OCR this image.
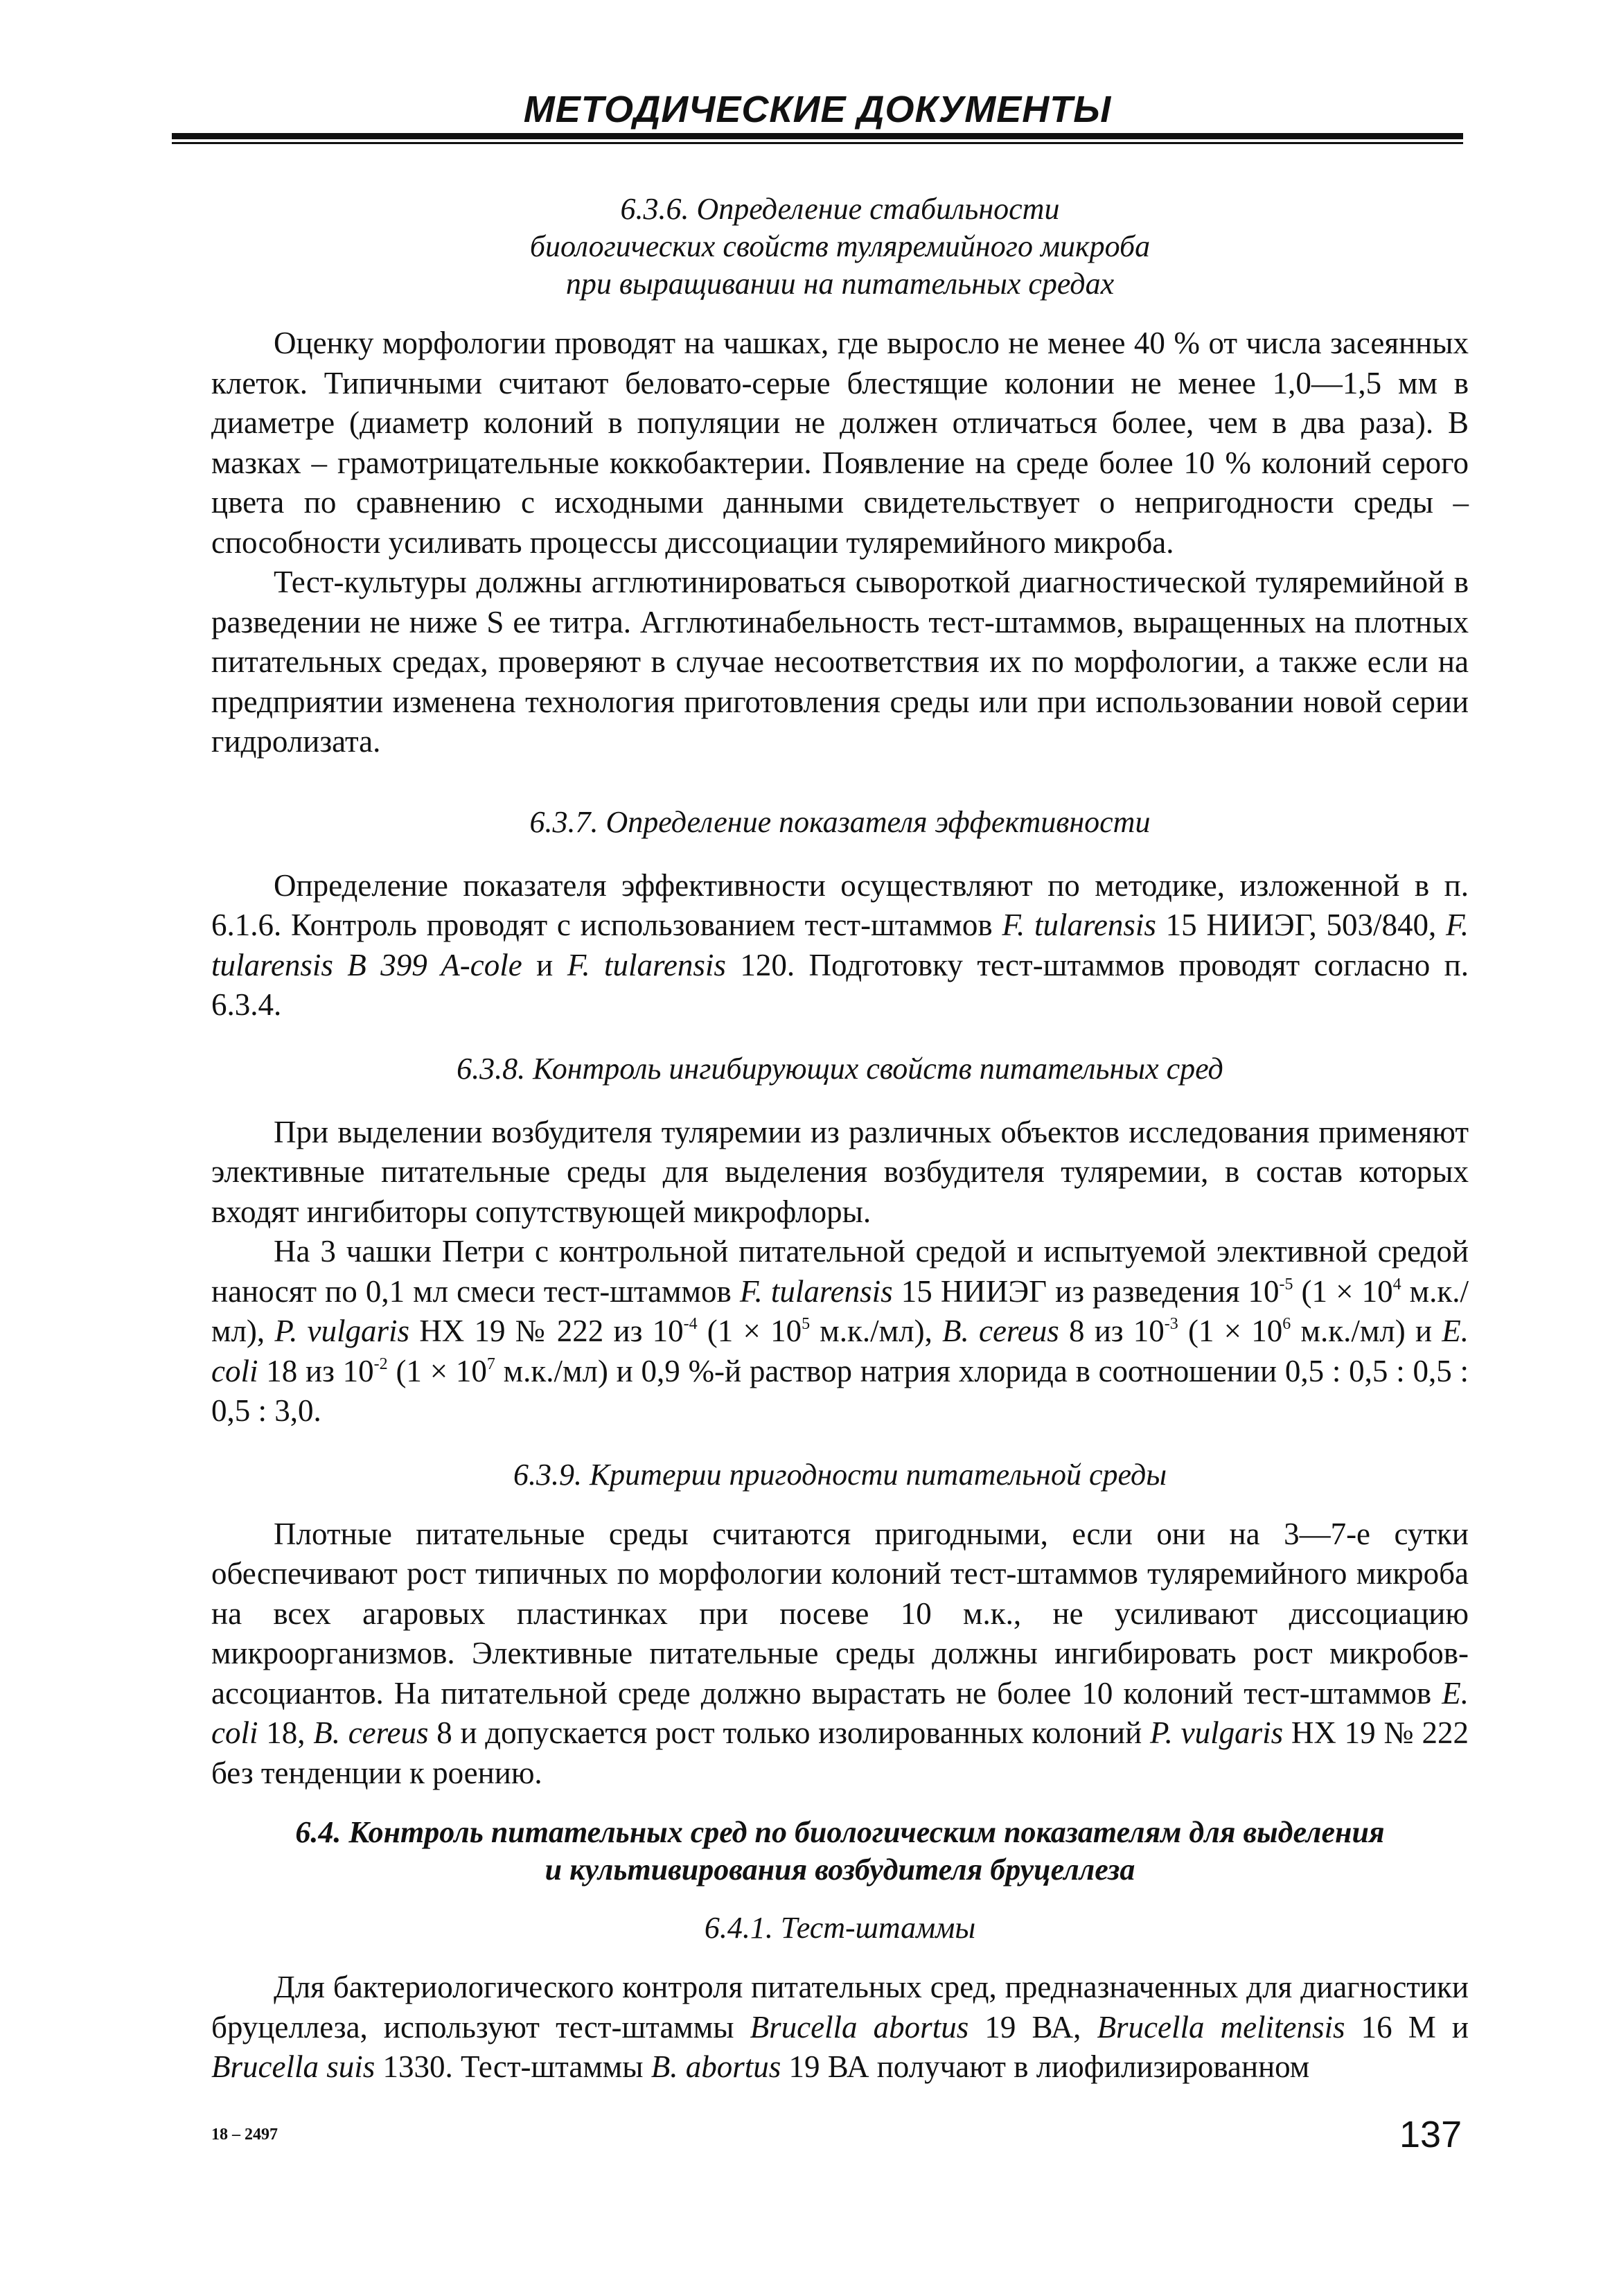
МЕТОДИЧЕСКИЕ ДОКУМЕНТЫ
6.3.6. Определение стабильности
биологических свойств туляремийного микроба
при выращивании на питательных средах

Оценку морфологии проводят на чашках, где выросло не менее 40 % от числа засеянных клеток. Типичными считают беловато-серые блестящие колонии не менее 1,0—1,5 мм в диаметре (диаметр колоний в популяции не должен отличаться более, чем в два раза). В мазках – грамотрицательные коккобактерии. Появление на среде более 10 % колоний серого цвета по сравнению с исходными данными свидетельствует о непригодности среды – способности усиливать процессы диссоциации туляремийного микроба.

Тест-культуры должны агглютинироваться сывороткой диагностической туляремийной в разведении не ниже S ее титра. Агглютинабельность тест-штаммов, выращенных на плотных питательных средах, проверяют в случае несоответствия их по морфологии, а также если на предприятии изменена технология приготовления среды или при использовании новой серии гидролизата.

6.3.7. Определение показателя эффективности

Определение показателя эффективности осуществляют по методике, изложенной в п. 6.1.6. Контроль проводят с использованием тест-штаммов F. tularensis 15 НИИЭГ, 503/840, F. tularensis B 399 A-cole и F. tularensis 120. Подготовку тест-штаммов проводят согласно п. 6.3.4.

6.3.8. Контроль ингибирующих свойств питательных сред

При выделении возбудителя туляремии из различных объектов исследования применяют элективные питательные среды для выделения возбудителя туляремии, в состав которых входят ингибиторы сопутствующей микрофлоры.

На 3 чашки Петри с контрольной питательной средой и испытуемой элективной средой наносят по 0,1 мл смеси тест-штаммов F. tularensis 15 НИИЭГ из разведения $10^{-5}$ ($1 \times 10^4$ м.к./мл), P. vulgaris HX 19 № 222 из $10^{-4}$ ($1 \times 10^5$ м.к./мл), B. cereus 8 из $10^{-3}$ ($1 \times 10^6$ м.к./мл) и E. coli 18 из $10^{-2}$ ($1 \times 10^7$ м.к./мл) и 0,9 %-й раствор натрия хлорида в соотношении 0,5 : 0,5 : 0,5 : 0,5 : 3,0.

6.3.9. Критерии пригодности питательной среды

Плотные питательные среды считаются пригодными, если они на 3—7-е сутки обеспечивают рост типичных по морфологии колоний тест-штаммов туляремийного микроба на всех агаровых пластинках при посеве 10 м.к., не усиливают диссоциацию микроорганизмов. Элективные питательные среды должны ингибировать рост микробов-ассоциантов. На питательной среде должно вырастать не более 10 колоний тест-штаммов E. coli 18, B. cereus 8 и допускается рост только изолированных колоний P. vulgaris HX 19 № 222 без тенденции к роению.

6.4. Контроль питательных сред по биологическим показателям для выделения
и культивирования возбудителя бруцеллеза
6.4.1. Тест-штаммы

Для бактериологического контроля питательных сред, предназначенных для диагностики бруцеллеза, используют тест-штаммы Brucella abortus 19 ВА, Brucella melitensis 16 М и Brucella suis 1330. Тест-штаммы B. abortus 19 ВА получают в лиофилизированном

18 – 2497	137
